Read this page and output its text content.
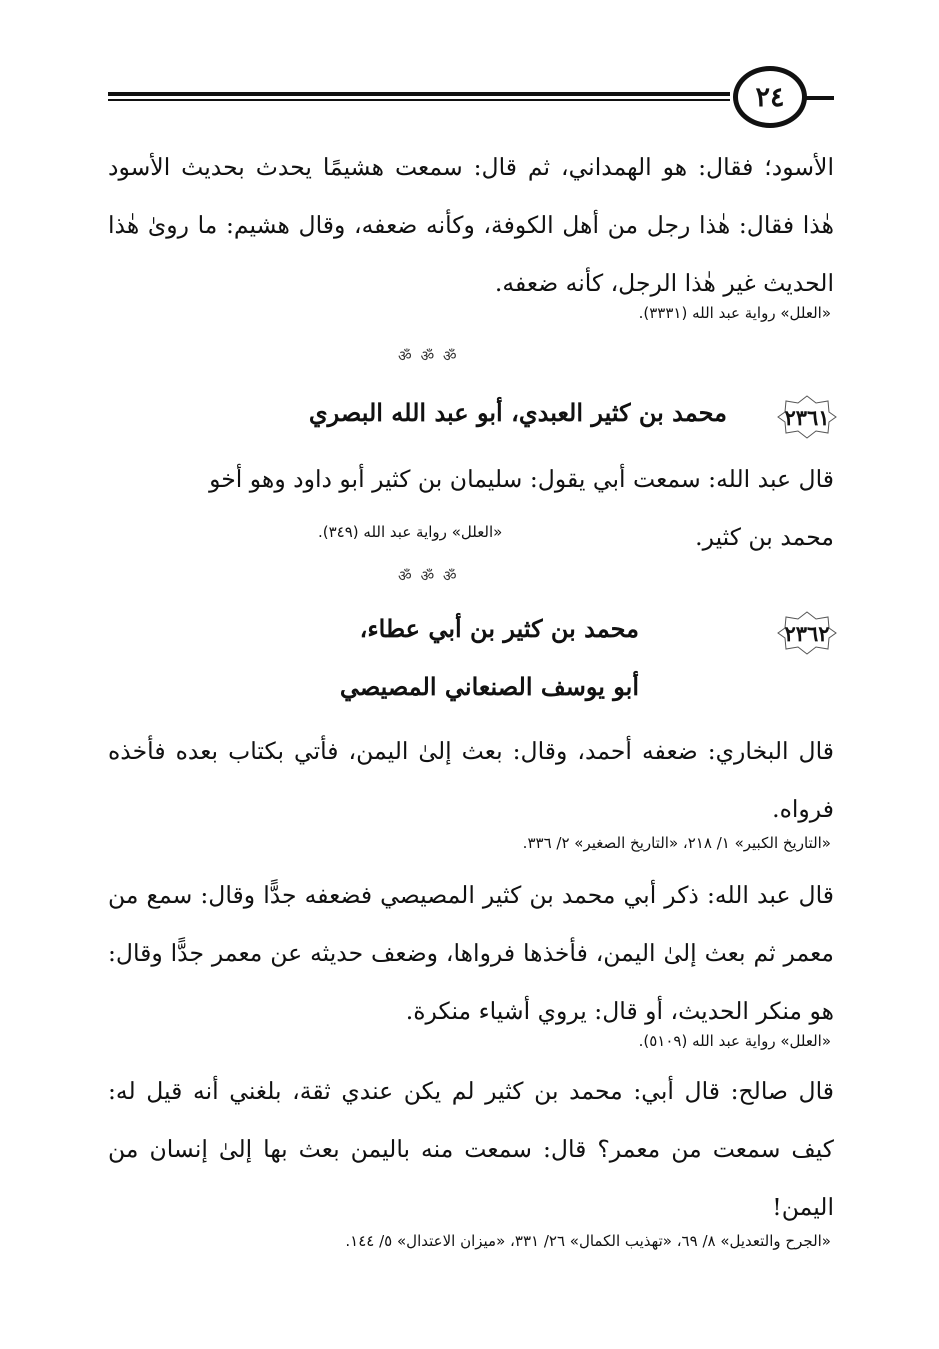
٢٤
الأسود؛ فقال: هو الهمداني، ثم قال: سمعت هشيمًا يحدث بحديث الأسود هٰذا فقال: هٰذا رجل من أهل الكوفة، وكأنه ضعفه، وقال هشيم: ما روىٰ هٰذا الحديث غير هٰذا الرجل، كأنه ضعفه.
«العلل» رواية عبد الله (٣٣٣١).
ॐ ॐ ॐ
٢٣٦١
محمد بن كثير العبدي، أبو عبد الله البصري
قال عبد الله: سمعت أبي يقول: سليمان بن كثير أبو داود وهو أخو
محمد بن كثير.
«العلل» رواية عبد الله (٣٤٩).
ॐ ॐ ॐ
٢٣٦٢
محمد بن كثير بن أبي عطاء،
أبو يوسف الصنعاني المصيصي
قال البخاري: ضعفه أحمد، وقال: بعث إلىٰ اليمن، فأتي بكتاب بعده فأخذه فرواه.
«التاريخ الكبير» ١/ ٢١٨، «التاريخ الصغير» ٢/ ٣٣٦.
قال عبد الله: ذكر أبي محمد بن كثير المصيصي فضعفه جدًّا وقال: سمع من معمر ثم بعث إلىٰ اليمن، فأخذها فرواها، وضعف حديثه عن معمر جدًّا وقال: هو منكر الحديث، أو قال: يروي أشياء منكرة.
«العلل» رواية عبد الله (٥١٠٩).
قال صالح: قال أبي: محمد بن كثير لم يكن عندي ثقة، بلغني أنه قيل له: كيف سمعت من معمر؟ قال: سمعت منه باليمن بعث بها إلىٰ إنسان من اليمن!
«الجرح والتعديل» ٨/ ٦٩، «تهذيب الكمال» ٢٦/ ٣٣١، «ميزان الاعتدال» ٥/ ١٤٤.
